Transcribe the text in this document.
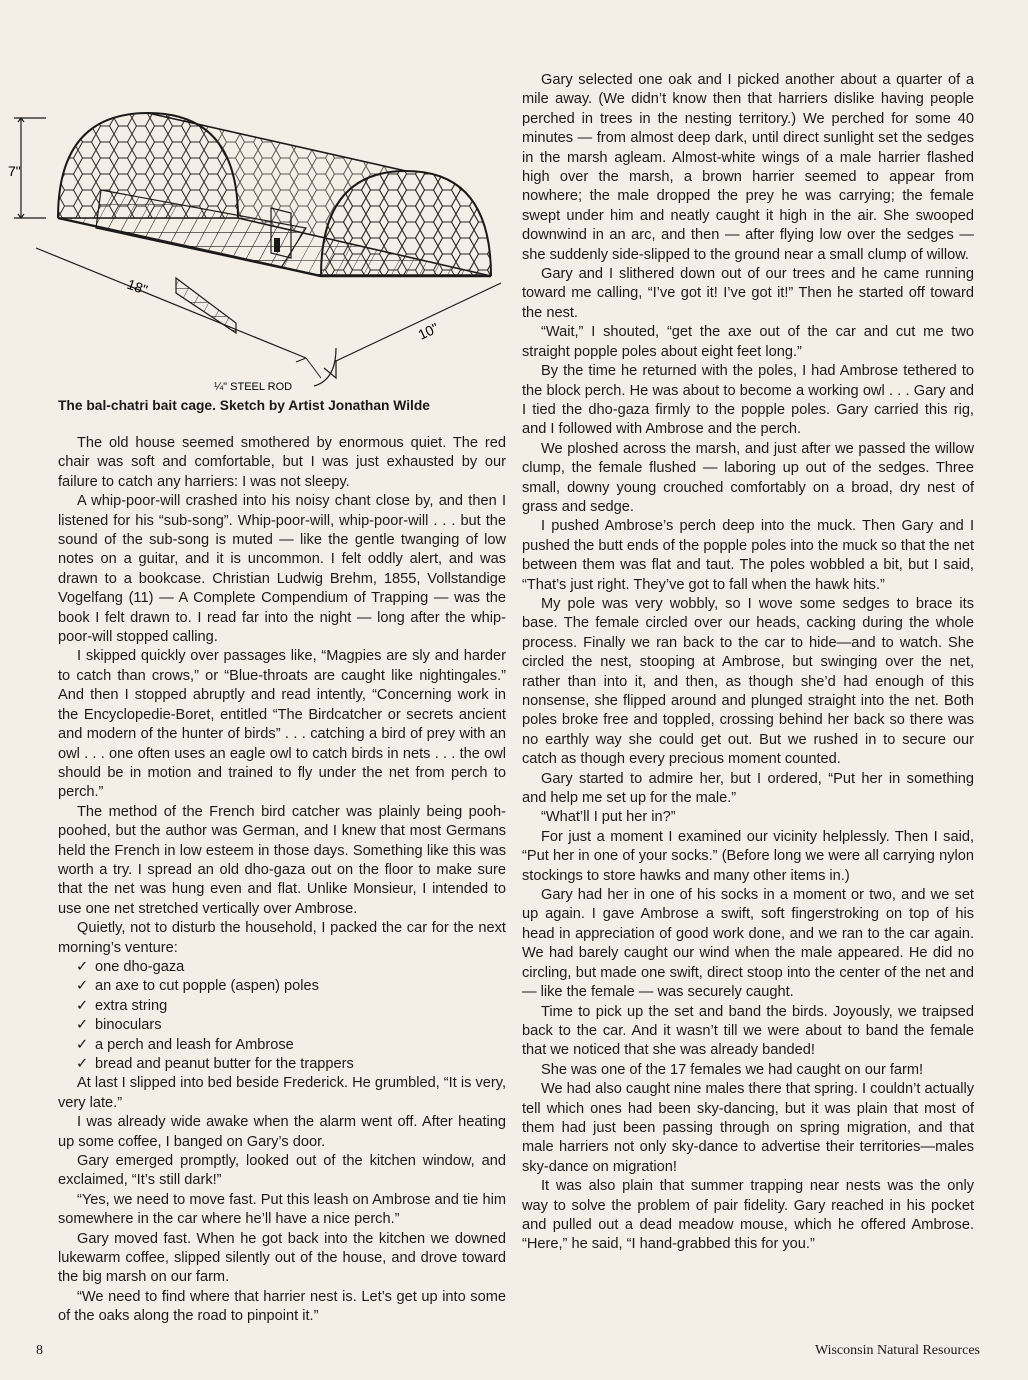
7"
18"
10"
¼" STEEL ROD
The bal-chatri bait cage. Sketch by Artist Jonathan Wilde

The old house seemed smothered by enormous quiet. The red chair was soft and comfortable, but I was just exhausted by our failure to catch any harriers: I was not sleepy.

A whip-poor-will crashed into his noisy chant close by, and then I listened for his “sub-song”. Whip-poor-will, whip-poor-will . . . but the sound of the sub-song is muted — like the gentle twanging of low notes on a guitar, and it is uncommon. I felt oddly alert, and was drawn to a bookcase. Christian Ludwig Brehm, 1855, Vollstandige Vogelfang (11) — A Complete Compendium of Trapping — was the book I felt drawn to. I read far into the night — long after the whip-poor-will stopped calling.

I skipped quickly over passages like, “Magpies are sly and harder to catch than crows,” or “Blue-throats are caught like nightingales.” And then I stopped abruptly and read intently, “Concerning work in the Encyclopedie-Boret, entitled “The Birdcatcher or secrets ancient and modern of the hunter of birds” . . . catching a bird of prey with an owl . . . one often uses an eagle owl to catch birds in nets . . . the owl should be in motion and trained to fly under the net from perch to perch.”

The method of the French bird catcher was plainly being pooh-poohed, but the author was German, and I knew that most Germans held the French in low esteem in those days. Something like this was worth a try. I spread an old dho-gaza out on the floor to make sure that the net was hung even and flat. Unlike Monsieur, I intended to use one net stretched vertically over Ambrose.

Quietly, not to disturb the household, I packed the car for the next morning’s venture:

✓ one dho-gaza
✓ an axe to cut popple (aspen) poles
✓ extra string
✓ binoculars
✓ a perch and leash for Ambrose
✓ bread and peanut butter for the trappers

At last I slipped into bed beside Frederick. He grumbled, “It is very, very late.”

I was already wide awake when the alarm went off. After heating up some coffee, I banged on Gary’s door.

Gary emerged promptly, looked out of the kitchen window, and exclaimed, “It’s still dark!”

“Yes, we need to move fast. Put this leash on Ambrose and tie him somewhere in the car where he’ll have a nice perch.”

Gary moved fast. When he got back into the kitchen we downed lukewarm coffee, slipped silently out of the house, and drove toward the big marsh on our farm.

“We need to find where that harrier nest is. Let’s get up into some of the oaks along the road to pinpoint it.”

Gary selected one oak and I picked another about a quarter of a mile away. (We didn’t know then that harriers dislike having people perched in trees in the nesting territory.) We perched for some 40 minutes — from almost deep dark, until direct sunlight set the sedges in the marsh agleam. Almost-white wings of a male harrier flashed high over the marsh, a brown harrier seemed to appear from nowhere; the male dropped the prey he was carrying; the female swept under him and neatly caught it high in the air. She swooped downwind in an arc, and then — after flying low over the sedges — she suddenly side-slipped to the ground near a small clump of willow.

Gary and I slithered down out of our trees and he came running toward me calling, “I’ve got it! I’ve got it!” Then he started off toward the nest.

“Wait,” I shouted, “get the axe out of the car and cut me two straight popple poles about eight feet long.”

By the time he returned with the poles, I had Ambrose tethered to the block perch. He was about to become a working owl . . . Gary and I tied the dho-gaza firmly to the popple poles. Gary carried this rig, and I followed with Ambrose and the perch.

We ploshed across the marsh, and just after we passed the willow clump, the female flushed — laboring up out of the sedges. Three small, downy young crouched comfortably on a broad, dry nest of grass and sedge.

I pushed Ambrose’s perch deep into the muck. Then Gary and I pushed the butt ends of the popple poles into the muck so that the net between them was flat and taut. The poles wobbled a bit, but I said, “That’s just right. They’ve got to fall when the hawk hits.”

My pole was very wobbly, so I wove some sedges to brace its base. The female circled over our heads, cacking during the whole process. Finally we ran back to the car to hide—and to watch. She circled the nest, stooping at Ambrose, but swinging over the net, rather than into it, and then, as though she’d had enough of this nonsense, she flipped around and plunged straight into the net. Both poles broke free and toppled, crossing behind her back so there was no earthly way she could get out. But we rushed in to secure our catch as though every precious moment counted.

Gary started to admire her, but I ordered, “Put her in something and help me set up for the male.”

“What’ll I put her in?”

For just a moment I examined our vicinity helplessly. Then I said, “Put her in one of your socks.” (Before long we were all carrying nylon stockings to store hawks and many other items in.)

Gary had her in one of his socks in a moment or two, and we set up again. I gave Ambrose a swift, soft fingerstroking on top of his head in appreciation of good work done, and we ran to the car again. We had barely caught our wind when the male appeared. He did no circling, but made one swift, direct stoop into the center of the net and — like the female — was securely caught.

Time to pick up the set and band the birds. Joyously, we traipsed back to the car. And it wasn’t till we were about to band the female that we noticed that she was already banded!

She was one of the 17 females we had caught on our farm!

We had also caught nine males there that spring. I couldn’t actually tell which ones had been sky-dancing, but it was plain that most of them had just been passing through on spring migration, and that male harriers not only sky-dance to advertise their territories—males sky-dance on migration!

It was also plain that summer trapping near nests was the only way to solve the problem of pair fidelity. Gary reached in his pocket and pulled out a dead meadow mouse, which he offered Ambrose. “Here,” he said, “I hand-grabbed this for you.”

8	Wisconsin Natural Resources
